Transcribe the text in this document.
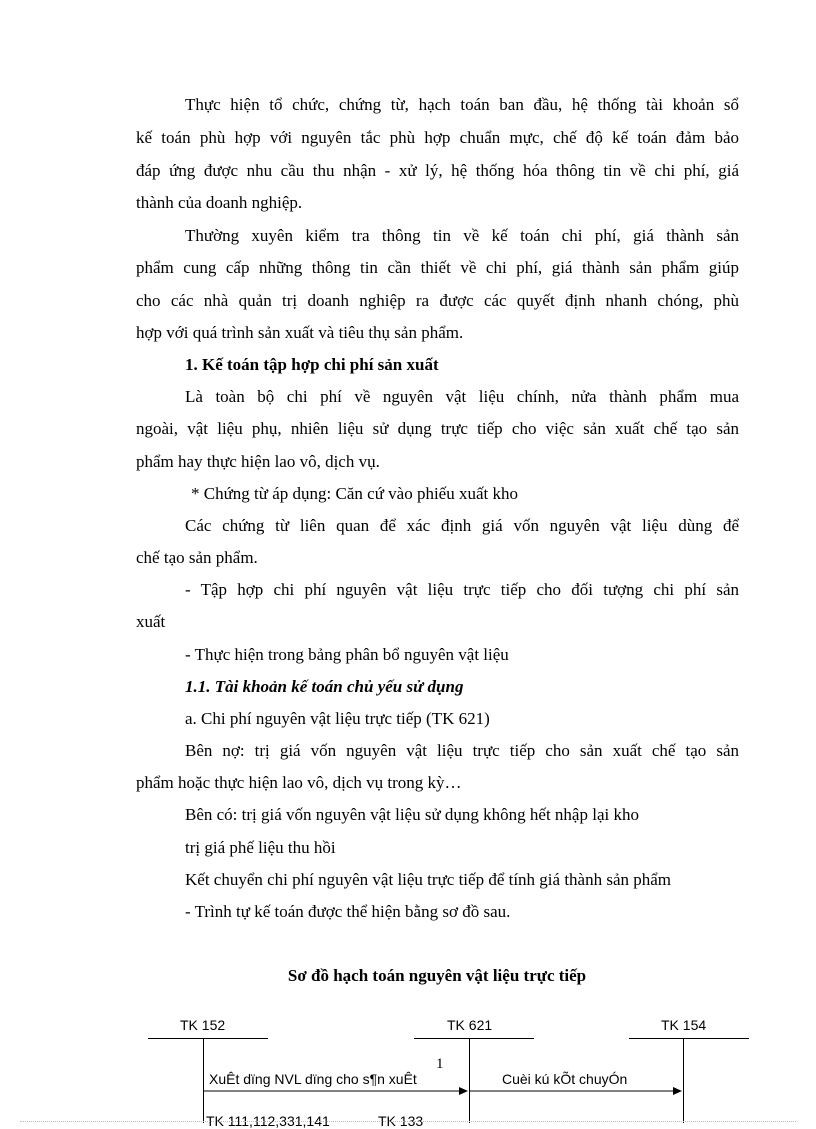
Thực hiện tổ chức, chứng từ, hạch toán ban đầu, hệ thống tài khoản sổ
kế toán phù hợp với nguyên tắc phù hợp chuẩn mực, chế độ kế toán đảm bảo
đáp ứng được nhu cầu thu nhận - xử lý, hệ thống hóa thông tin về chi phí, giá
thành của doanh nghiệp.
Thường xuyên kiểm tra thông tin về kế toán chi phí, giá thành sản
phẩm cung cấp những thông tin cần thiết về chi phí, giá thành sản phẩm giúp
cho các nhà quản trị doanh nghiệp ra được các quyết định nhanh chóng, phù
hợp với quá trình sản xuất và tiêu thụ sản phẩm.
1. Kế toán tập hợp chi phí sản xuất
Là toàn bộ chi phí về nguyên vật liệu chính, nửa thành phẩm mua
ngoài, vật liệu phụ, nhiên liệu sử dụng trực tiếp cho việc sản xuất chế tạo sản
phẩm hay thực hiện lao vô, dịch vụ.
* Chứng từ áp dụng: Căn cứ vào phiếu xuất kho
Các chứng từ liên quan để xác định giá vốn nguyên vật liệu dùng để
chế tạo sản phẩm.
- Tập hợp chi phí nguyên vật liệu trực tiếp cho đối tượng chi phí sản
xuất
- Thực hiện trong bảng phân bổ nguyên vật liệu
1.1. Tài khoản kế toán chủ yếu sử dụng
a. Chi phí nguyên vật liệu trực tiếp (TK 621)
Bên nợ: trị giá vốn nguyên vật liệu trực tiếp cho sản xuất chế tạo sản
phẩm hoặc thực hiện lao vô, dịch vụ trong kỳ…
Bên có: trị giá vốn nguyên vật liệu sử dụng không hết nhập lại kho
trị giá phế liệu thu hồi
Kết chuyển chi phí nguyên vật liệu trực tiếp để tính giá thành sản phẩm
- Trình tự kế toán được thể hiện bằng sơ đồ sau.
Sơ đồ hạch toán nguyên vật liệu trực tiếp
TK 152	TK 621	TK 154
1
XuÊt dïng NVL dïng cho s¶n xuÊt	Cuèi kú kÕt chuyÓn
TK 111,112,331,141	TK 133
